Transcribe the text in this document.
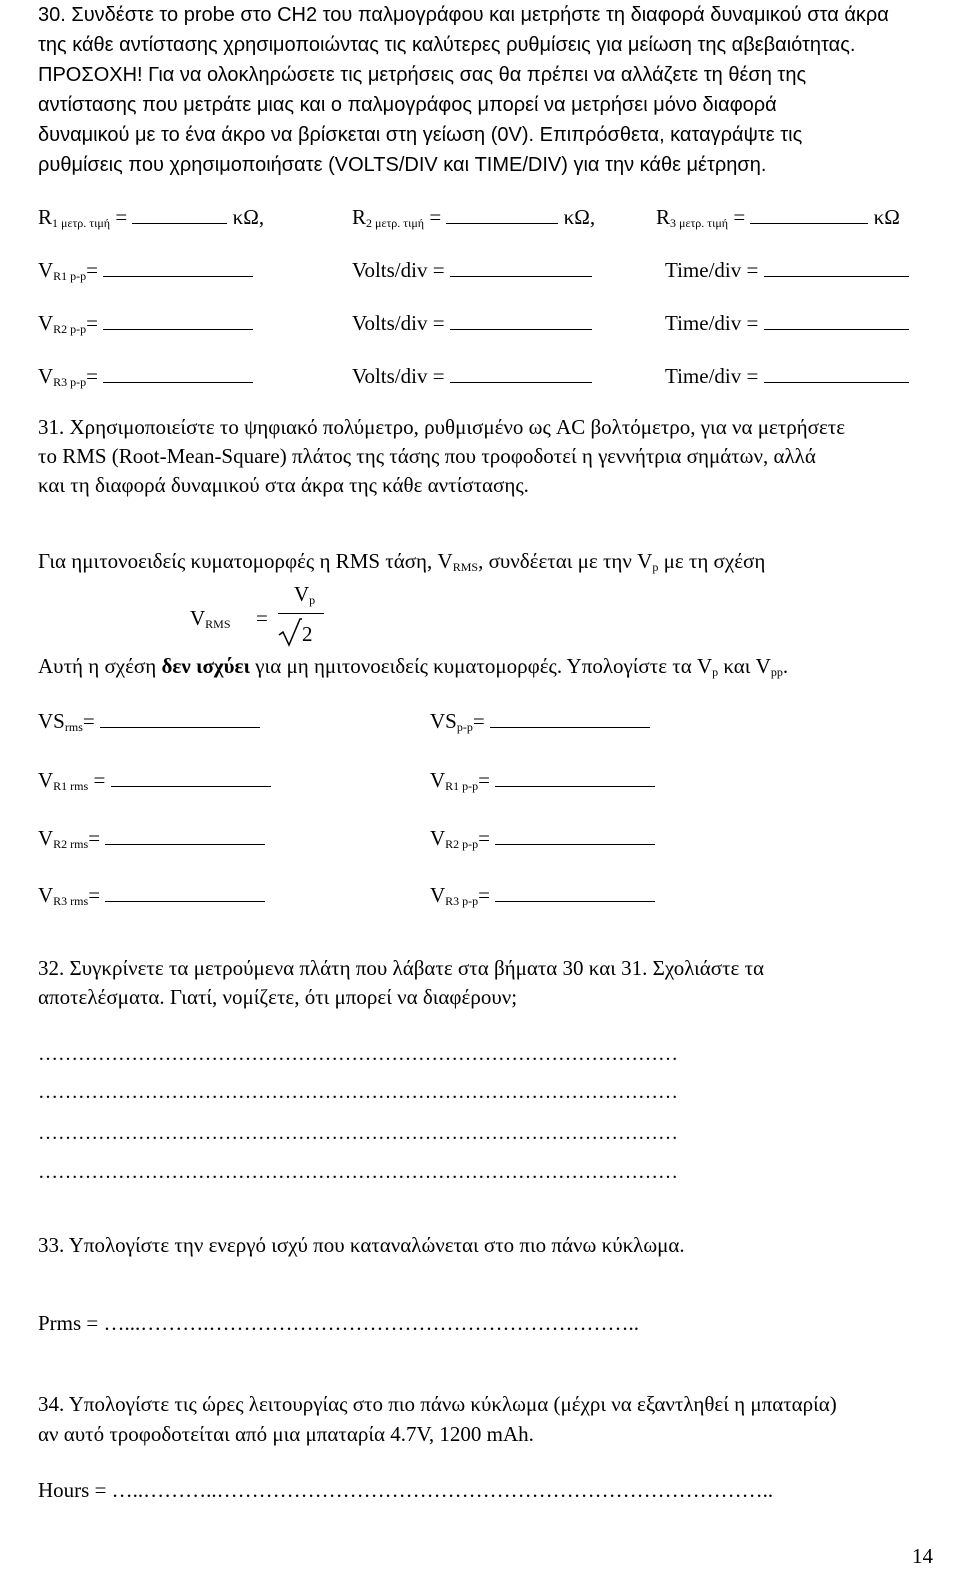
30. Συνδέστε το probe στο CH2 του παλμογράφου και μετρήστε τη διαφορά δυναμικού στα άκρα
της κάθε αντίστασης χρησιμοποιώντας τις καλύτερες ρυθμίσεις για μείωση της αβεβαιότητας.
ΠΡΟΣΟΧΗ! Για να ολοκληρώσετε τις μετρήσεις σας θα πρέπει να αλλάζετε τη θέση της
αντίστασης που μετράτε μιας και ο παλμογράφος μπορεί να μετρήσει μόνο διαφορά
δυναμικού με το ένα άκρο να βρίσκεται στη γείωση (0V). Επιπρόσθετα, καταγράψτε τις
ρυθμίσεις που χρησιμοποιήσατε (VOLTS/DIV και TIME/DIV) για την κάθε μέτρηση.
$R_{1 \mu\varepsilon\tau\rho. \tau\iota\mu ή}$ =	κΩ,	$R_{2 \mu\varepsilon\tau\rho. \tau\iota\mu ή}$ =	κΩ,	$R_{3 \mu\varepsilon\tau\rho. \tau\iota\mu ή}$ =	κΩ
$V_{R1 p-p}=$	Volts/div =	Time/div =
$V_{R2 p-p}=$	Volts/div =	Time/div =
$V_{R3 p-p}=$	Volts/div =	Time/div =
31. Χρησιμοποιείστε το ψηφιακό πολύμετρο, ρυθμισμένο ως AC βολτόμετρο, για να μετρήσετε
το RMS (Root-Mean-Square) πλάτος της τάσης που τροφοδοτεί η γεννήτρια σημάτων, αλλά
και τη διαφορά δυναμικού στα άκρα της κάθε αντίστασης.
Για ημιτονοειδείς κυματομορφές η RMS τάση, $V_{RMS}$, συνδέεται με την $V_p$ με τη σχέση
$V_{RMS}$ =
$V_p$
2
Αυτή η σχέση δεν ισχύει για μη ημιτονοειδείς κυματομορφές. Υπολογίστε τα $V_p$ και $V_{pp}$.
$VS_{rms}=$	$VS_{p-p}=$
$V_{R1 rms}$ =	$V_{R1 p-p}=$
$V_{R2 rms}=$	$V_{R2 p-p}=$
$V_{R3 rms}=$	$V_{R3 p-p}=$
32. Συγκρίνετε τα μετρούμενα πλάτη που λάβατε στα βήματα 30 και 31. Σχολιάστε τα
αποτελέσματα. Γιατί, νομίζετε, ότι μπορεί να διαφέρουν;
……………………………………………………………………………………
……………………………………………………………………………………
……………………………………………………………………………………
……………………………………………………………………………………
33. Υπολογίστε την ενεργό ισχύ που καταναλώνεται στο πιο πάνω κύκλωμα.
Prms = …...……….……………………………………………………..
34. Υπολογίστε τις ώρες λειτουργίας στο πιο πάνω κύκλωμα (μέχρι να εξαντληθεί η μπαταρία)
αν αυτό τροφοδοτείται από μια μπαταρία 4.7V, 1200 mAh.
Hours = …..………..……………………………………………………………………..
14
